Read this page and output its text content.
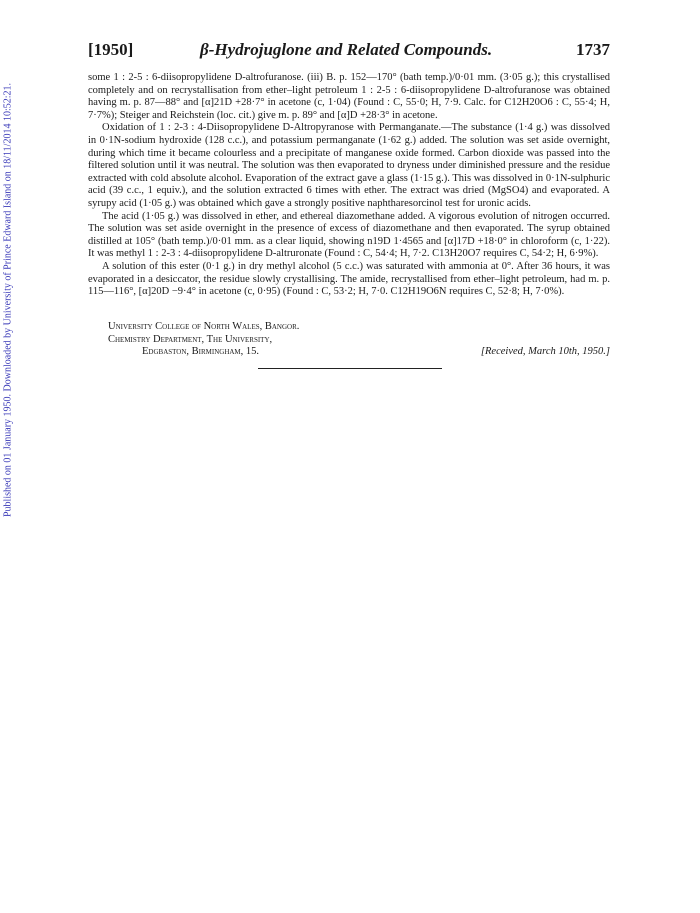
Published on 01 January 1950. Downloaded by University of Prince Edward Island on 18/11/2014 10:52:21.
[1950]	β-Hydrojuglone and Related Compounds.	1737

some 1 : 2-5 : 6-diisopropylidene D-altrofuranose. (iii) B. p. 152—170° (bath temp.)/0·01 mm. (3·05 g.); this crystallised completely and on recrystallisation from ether–light petroleum 1 : 2-5 : 6-diisopropylidene D-altrofuranose was obtained having m. p. 87—88° and [α]21D +28·7° in acetone (c, 1·04) (Found : C, 55·0; H, 7·9. Calc. for C12H20O6 : C, 55·4; H, 7·7%); Steiger and Reichstein (loc. cit.) give m. p. 89° and [α]D +28·3° in acetone.

Oxidation of 1 : 2-3 : 4-Diisopropylidene D-Altropyranose with Permanganate.—The substance (1·4 g.) was dissolved in 0·1N-sodium hydroxide (128 c.c.), and potassium permanganate (1·62 g.) added. The solution was set aside overnight, during which time it became colourless and a precipitate of manganese oxide formed. Carbon dioxide was passed into the filtered solution until it was neutral. The solution was then evaporated to dryness under diminished pressure and the residue extracted with cold absolute alcohol. Evaporation of the extract gave a glass (1·15 g.). This was dissolved in 0·1N-sulphuric acid (39 c.c., 1 equiv.), and the solution extracted 6 times with ether. The extract was dried (MgSO4) and evaporated. A syrupy acid (1·05 g.) was obtained which gave a strongly positive naphtharesorcinol test for uronic acids.

The acid (1·05 g.) was dissolved in ether, and ethereal diazomethane added. A vigorous evolution of nitrogen occurred. The solution was set aside overnight in the presence of excess of diazomethane and then evaporated. The syrup obtained distilled at 105° (bath temp.)/0·01 mm. as a clear liquid, showing n19D 1·4565 and [α]17D +18·0° in chloroform (c, 1·22). It was methyl 1 : 2-3 : 4-diisopropylidene D-altruronate (Found : C, 54·4; H, 7·2. C13H20O7 requires C, 54·2; H, 6·9%).

A solution of this ester (0·1 g.) in dry methyl alcohol (5 c.c.) was saturated with ammonia at 0°. After 36 hours, it was evaporated in a desiccator, the residue slowly crystallising. The amide, recrystallised from ether–light petroleum, had m. p. 115—116°, [α]20D −9·4° in acetone (c, 0·95) (Found : C, 53·2; H, 7·0. C12H19O6N requires C, 52·8; H, 7·0%).

University College of North Wales, Bangor.
Chemistry Department, The University,
Edgbaston, Birmingham, 15.	[Received, March 10th, 1950.]
